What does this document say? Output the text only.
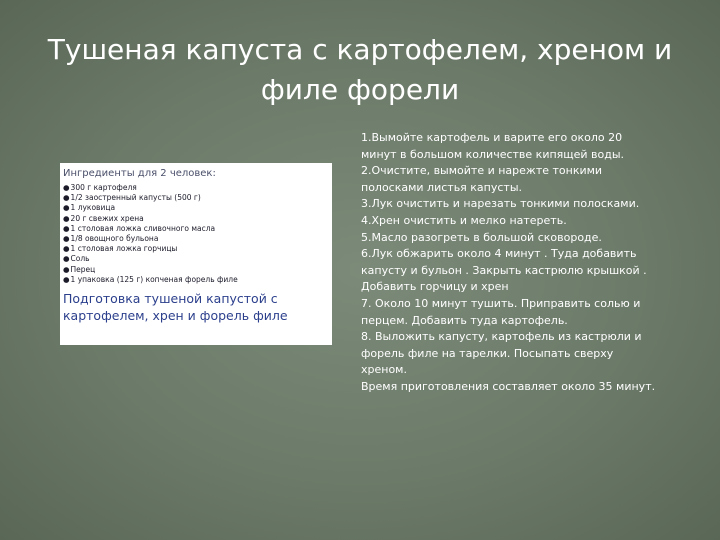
Тушеная капуста с картофелем, хреном и филе форели
Ингредиенты для 2 человек:
●300 г картофеля
●1/2 заостренный капусты (500 г)
●1 луковица
●20 г свежих хрена
●1 столовая ложка сливочного масла
●1/8 овощного бульона
●1 столовая ложка горчицы
●Соль
●Перец
●1 упаковка (125 г) копченая форель филе
Подготовка тушеной капустой с картофелем, хрен и форель филе

1.Вымойте картофель и варите его около 20 минут в большом количестве кипящей воды.

2.Очистите, вымойте и нарежте тонкими полосками листья капусты.

3.Лук очистить и нарезать тонкими полосками.

4.Хрен очистить и мелко натереть.

5.Масло разогреть в большой сковороде.

6.Лук обжарить около 4 минут . Туда добавить капусту и бульон . Закрыть кастрюлю крышкой . Добавить горчицу и хрен

7. Около 10 минут тушить. Приправить солью и перцем. Добавить туда картофель.

8. Выложить капусту, картофель из кастрюли и форель филе на тарелки. Посыпать сверху хреном.

Время приготовления составляет около 35 минут.
